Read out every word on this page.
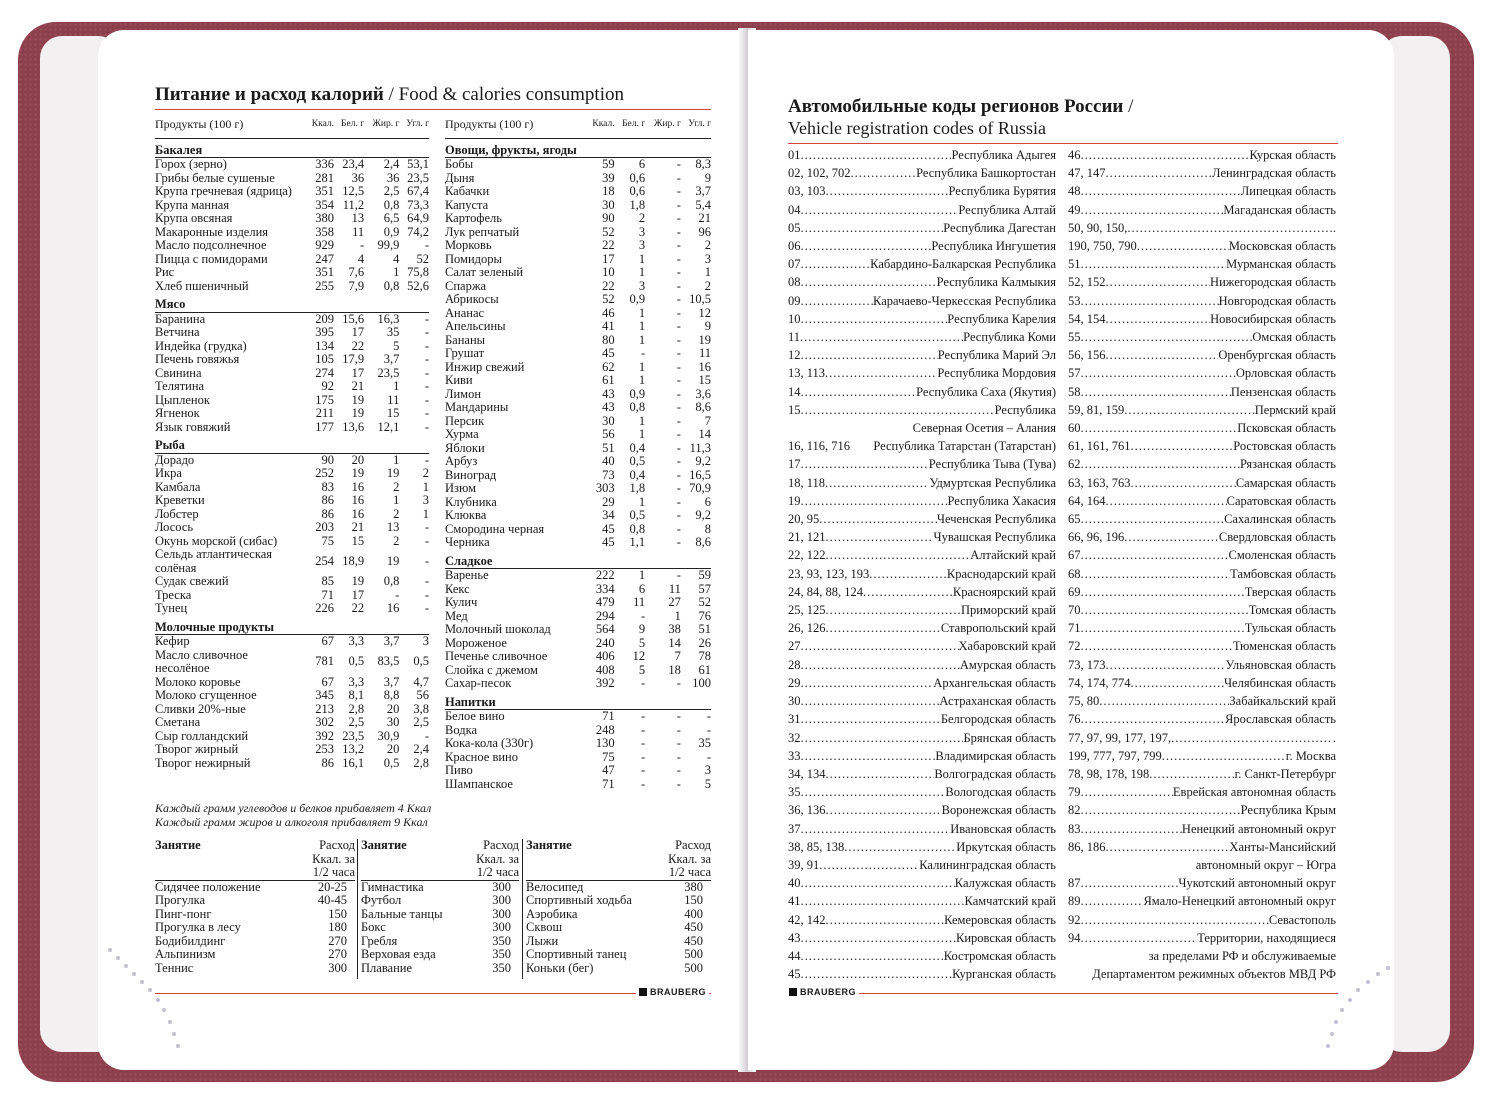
Питание и расход калорий / Food & calories consumption
Продукты (100 г)	Ккал.	Бел. г	Жир. г	Угл. г
Бакалея				
Горох (зерно)	336	23,4	2,4	53,1
Грибы белые сушеные	281	36	36	23,5
Крупа гречневая (ядрица)	351	12,5	2,5	67,4
Крупа манная	354	11,2	0,8	73,3
Крупа овсяная	380	13	6,5	64,9
Макаронные изделия	358	11	0,9	74,2
Масло подсолнечное	929	-	99,9	-
Пицца с помидорами	247	4	4	52
Рис	351	7,6	1	75,8
Хлеб пшеничный	255	7,9	0,8	52,6
Мясо				
Баранина	209	15,6	16,3	-
Ветчина	395	17	35	-
Индейка (грудка)	134	22	5	-
Печень говяжья	105	17,9	3,7	-
Свинина	274	17	23,5	-
Телятина	92	21	1	-
Цыпленок	175	19	11	-
Ягненок	211	19	15	-
Язык говяжий	177	13,6	12,1	-
Рыба				
Дорадо	90	20	1	-
Икра	252	19	19	2
Камбала	83	16	2	1
Креветки	86	16	1	3
Лобстер	86	16	2	1
Лосось	203	21	13	-
Окунь морской (сибас)	75	15	2	-
Сельдь атлантическая солёная	254	18,9	19	-
Судак свежий	85	19	0,8	-
Треска	71	17	-	-
Тунец	226	22	16	-
Молочные продукты				
Кефир	67	3,3	3,7	3
Масло сливочное несолёное	781	0,5	83,5	0,5
Молоко коровье	67	3,3	3,7	4,7
Молоко сгущенное	345	8,1	8,8	56
Сливки 20%-ные	213	2,8	20	3,8
Сметана	302	2,5	30	2,5
Сыр голландский	392	23,5	30,9	-
Творог жирный	253	13,2	20	2,4
Творог нежирный	86	16,1	0,5	2,8
Продукты (100 г)	Ккал.	Бел. г	Жир. г	Угл. г
Овощи, фрукты, ягоды				
Бобы	59	6	-	8,3
Дыня	39	0,6	-	9
Кабачки	18	0,6	-	3,7
Капуста	30	1,8	-	5,4
Картофель	90	2	-	21
Лук репчатый	52	3	-	96
Морковь	22	3	-	2
Помидоры	17	1	-	3
Салат зеленый	10	1	-	1
Спаржа	22	3	-	2
Абрикосы	52	0,9	-	10,5
Ананас	46	1	-	12
Апельсины	41	1	-	9
Бананы	80	1	-	19
Грушат	45	-	-	11
Инжир свежий	62	1	-	16
Киви	61	1	-	15
Лимон	43	0,9	-	3,6
Мандарины	43	0,8	-	8,6
Персик	30	1	-	7
Хурма	56	1	-	14
Яблоки	51	0,4	-	11,3
Арбуз	40	0,5	-	9,2
Виноград	73	0,4	-	16,5
Изюм	303	1,8	-	70,9
Клубника	29	1	-	6
Клюква	34	0,5	-	9,2
Смородина черная	45	0,8	-	8
Черника	45	1,1	-	8,6
Сладкое				
Варенье	222	1	-	59
Кекс	334	6	11	57
Кулич	479	11	27	52
Мед	294	-	1	76
Молочный шоколад	564	9	38	51
Мороженое	240	5	14	26
Печенье сливочное	406	12	7	78
Слойка с джемом	408	5	18	61
Сахар-песок	392	-	-	100
Напитки				
Белое вино	71	-	-	-
Водка	248	-	-	-
Кока-кола (330г)	130	-	-	35
Красное вино	75	-	-	-
Пиво	47	-	-	3
Шампанское	71	-	-	5
Каждый грамм углеводов и белков прибавляет 4 Ккал
Каждый грамм жиров и алкоголя прибавляет 9 Ккал
Занятие	Расход
	Ккал. за
	1/2 часа
Сидячее положение	20-25
Прогулка	40-45
Пинг-понг	150
Прогулка в лесу	180
Бодибилдинг	270
Альпинизм	270
Теннис	300
Занятие	Расход
	Ккал. за
	1/2 часа
Гимнастика	300
Футбол	300
Бальные танцы	300
Бокс	300
Гребля	350
Верховая езда	350
Плавание	350
Занятие	Расход
	Ккал. за
	1/2 часа
Велосипед	380
Спортивный ходьба	150
Аэробика	400
Сквош	450
Лыжи	450
Спортивный танец	500
Коньки (бег)	500
BRAUBERG
Автомобильные коды регионов России /
Vehicle registration codes of Russia
01 .....	Республика Адыгея
02, 102, 702 .....	Республика Башкортостан
03, 103 .....	Республика Бурятия
04 .....	Республика Алтай
05 .....	Республика Дагестан
06 .....	Республика Ингушетия
07 .....	Кабардино-Балкарская Республика
08 .....	Республика Калмыкия
09 .....	Карачаево-Черкесская Республика
10 .....	Республика Карелия
11 .....	Республика Коми
12 .....	Республика Марий Эл
13, 113 .....	Республика Мордовия
14 .....	Республика Саха (Якутия)
15 .....	Республика
Северная Осетия – Алания
16, 116, 716 Республика Татарстан (Татарстан)
17 .....	Республика Тыва (Тува)
18, 118 .....	Удмуртская Республика
19 .....	Республика Хакасия
20, 95 .....	Чеченская Республика
21, 121 .....	Чувашская Республика
22, 122 .....	Алтайский край
23, 93, 123, 193 .....	Краснодарский край
24, 84, 88, 124 .....	Красноярский край
25, 125 .....	Приморский край
26, 126 .....	Ставропольский край
27 .....	Хабаровский край
28 .....	Амурская область
29 .....	Архангельская область
30 .....	Астраханская область
31 .....	Белгородская область
32 .....	Брянская область
33 .....	Владимирская область
34, 134 .....	Волгоградская область
35 .....	Вологодская область
36, 136 .....	Воронежская область
37 .....	Ивановская область
38, 85, 138 .....	Иркутская область
39, 91 .....	Калининградская область
40 .....	Калужская область
41 .....	Камчатский край
42, 142 .....	Кемеровская область
43 .....	Кировская область
44 .....	Костромская область
45 .....	Курганская область
46 .....	Курская область
47, 147 .....	Ленинградская область
48 .....	Липецкая область
49 .....	Магаданская область
50, 90, 150, .....	.
190, 750, 790 .....	Московская область
51 .....	Мурманская область
52, 152 .....	Нижегородская область
53 .....	Новгородская область
54, 154 .....	Новосибирская область
55 .....	Омская область
56, 156 .....	Оренбургская область
57 .....	Орловская область
58 .....	Пензенская область
59, 81, 159 .....	Пермский край
60 .....	Псковская область
61, 161, 761 .....	Ростовская область
62 .....	Рязанская область
63, 163, 763 .....	Самарская область
64, 164 .....	Саратовская область
65 .....	Сахалинская область
66, 96, 196 .....	Свердловская область
67 .....	Смоленская область
68 .....	Тамбовская область
69 .....	Тверская область
70 .....	Томская область
71 .....	Тульская область
72 .....	Тюменская область
73, 173 .....	Ульяновская область
74, 174, 774 .....	Челябинская область
75, 80 .....	Забайкальский край
76 .....	Ярославская область
77, 97, 99, 177, 197, .....	.
199, 777, 797, 799 .....	г. Москва
78, 98, 178, 198 .....	г. Санкт-Петербург
79 .....	Еврейская автономная область
82 .....	Республика Крым
83 .....	Ненецкий автономный округ
86, 186 .....	Ханты-Мансийский
автономный округ – Югра
87 .....	Чукотский автономный округ
89 .....	Ямало-Ненецкий автономный округ
92 .....	Севастополь
94 .....	Территории, находящиеся
за пределами РФ и обслуживаемые
Департаментом режимных объектов МВД РФ
BRAUBERG
